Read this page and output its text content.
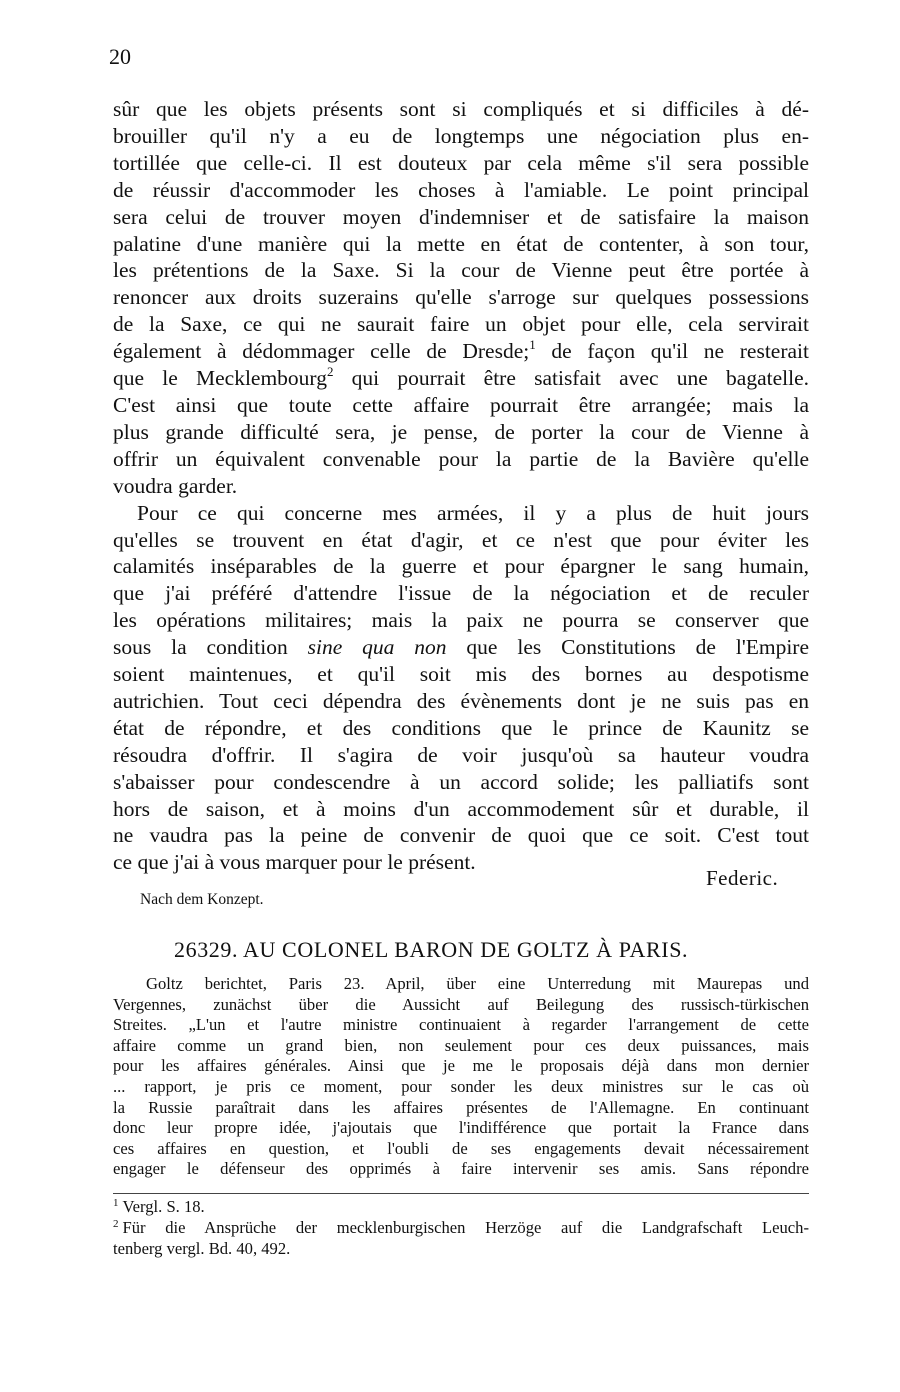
20
sûr que les objets présents sont si compliqués et si difficiles à dé-
brouiller qu'il n'y a eu de longtemps une négociation plus en-
tortillée que celle-ci. Il est douteux par cela même s'il sera possible
de réussir d'accommoder les choses à l'amiable. Le point principal
sera celui de trouver moyen d'indemniser et de satisfaire la maison
palatine d'une manière qui la mette en état de contenter, à son tour,
les prétentions de la Saxe. Si la cour de Vienne peut être portée à
renoncer aux droits suzerains qu'elle s'arroge sur quelques possessions
de la Saxe, ce qui ne saurait faire un objet pour elle, cela servirait
également à dédommager celle de Dresde;$^1$ de façon qu'il ne resterait
que le Mecklembourg$^2$ qui pourrait être satisfait avec une bagatelle.
C'est ainsi que toute cette affaire pourrait être arrangée; mais la
plus grande difficulté sera, je pense, de porter la cour de Vienne à
offrir un équivalent convenable pour la partie de la Bavière qu'elle
voudra garder.
Pour ce qui concerne mes armées, il y a plus de huit jours
qu'elles se trouvent en état d'agir, et ce n'est que pour éviter les
calamités inséparables de la guerre et pour épargner le sang humain,
que j'ai préféré d'attendre l'issue de la négociation et de reculer
les opérations militaires; mais la paix ne pourra se conserver que
sous la condition sine qua non que les Constitutions de l'Empire
soient maintenues, et qu'il soit mis des bornes au despotisme
autrichien. Tout ceci dépendra des évènements dont je ne suis pas en
état de répondre, et des conditions que le prince de Kaunitz se
résoudra d'offrir. Il s'agira de voir jusqu'où sa hauteur voudra
s'abaisser pour condescendre à un accord solide; les palliatifs sont
hors de saison, et à moins d'un accommodement sûr et durable, il
ne vaudra pas la peine de convenir de quoi que ce soit. C'est tout
ce que j'ai à vous marquer pour le présent.
Federic.
Nach dem Konzept.
26329. AU COLONEL BARON DE GOLTZ À PARIS.
Goltz berichtet, Paris 23. April, über eine Unterredung mit Maurepas und
Vergennes, zunächst über die Aussicht auf Beilegung des russisch-türkischen
Streites. „L'un et l'autre ministre continuaient à regarder l'arrangement de cette
affaire comme un grand bien, non seulement pour ces deux puissances, mais
pour les affaires générales. Ainsi que je me le proposais déjà dans mon dernier
... rapport, je pris ce moment, pour sonder les deux ministres sur le cas où
la Russie paraîtrait dans les affaires présentes de l'Allemagne. En continuant
donc leur propre idée, j'ajoutais que l'indifférence que portait la France dans
ces affaires en question, et l'oubli de ses engagements devait nécessairement
engager le défenseur des opprimés à faire intervenir ses amis. Sans répondre
$^1$ Vergl. S. 18.
$^2$ Für die Ansprüche der mecklenburgischen Herzöge auf die Landgrafschaft Leuch-
tenberg vergl. Bd. 40, 492.
